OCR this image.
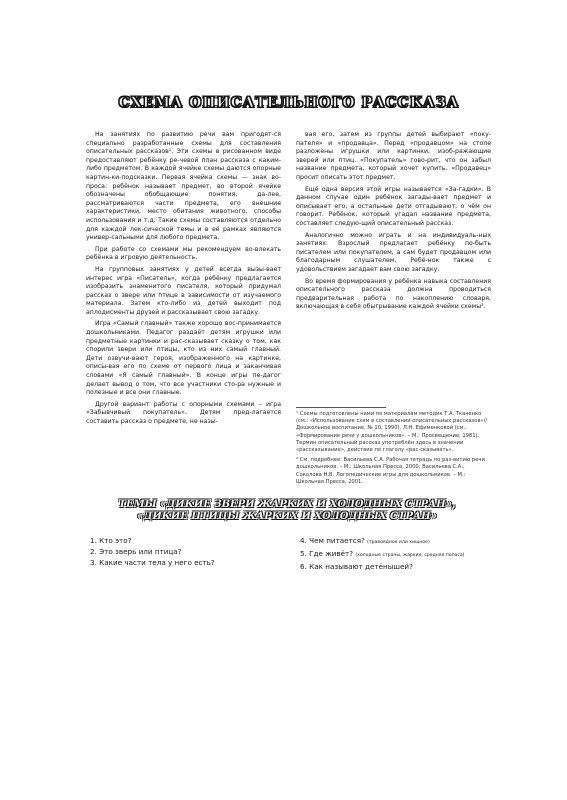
СХЕМА ОПИСАТЕЛЬНОГО РАССКАЗА

На занятиях по развитию речи вам пригодят-ся специально разработанные схемы для составления описательных рассказов¹. Эти схемы в рисованном виде предоставляют ребёнку ре-чевой план рассказа с каким-либо предметом. В каждой ячейке схемы даются опорные картин-ки-подсказки. Первая ячейка схемы — знак во-проса: ребёнок называет предмет, во второй ячейке обозначены обобщающие понятия, да-лее, рассматриваются части предмета, его внешние характеристики, место обитания животного, способы использования и т.д. Такие схемы составляются отдельно для каждой лек-сической темы и в её рамках являются универ-сальными для любого предмета.

При работе со схемами мы рекомендуем во-влекать ребёнка в игровую деятельность.

На групповых занятиях у детей всегда вызы-вает интерес игра «Писатель», когда ребёнку предлагается изобразить знаменитого писателя, который придумал рассказ о звере или птице в зависимости от изучаемого материала. Затем кто-либо из детей выходит под аплодисменты друзей и рассказывает свою загадку.

Игра «Самый главный» также хорошо вос-принимается дошкольниками. Педагог раздаёт детям игрушки или предметные картинки и рас-сказывает сказку о том, как спорили звери или птицы, кто из них самый главный. Дети озвучи-вают героя, изображенного на картинке, описы-вая его по схеме от первого лица и заканчивая словами «Я самый главный». В конце игры пе-дагог делает вывод о том, что все участники сто-ра нужные и полезные и все они главные.

Другой вариант работы с опорными схемами – игра «Забывчивый покупатель». Детям пред-лагается составить рассказ о предмете, не назы-

вая его, затем из группы детей выбирают «поку-пателя» и «продавца». Перед «продавцом» на столе разложены игрушки или картинки, изоб-ражающие зверей или птиц. «Покупатель» гово-рит, что он забыл название предмета, который хочет купить. «Продавец» просит описать этот предмет.

Ещё одна версия этой игры называется «За-гадки». В данном случае один ребёнок загады-вает предмет и описывает его, а остальные дети отгадывают, о чём он говорит. Ребёнок, который угадал название предмета, составляет следую-щий описательный рассказ.

Аналогично можно играть и на индивидуаль-ных занятиях. Взрослый предлагает ребёнку по-быть писателем или покупателем, а сам будет продавцом или благодарным слушателем. Ребё-нок также с удовольствием загадает вам свою загадку.

Во время формирования у ребёнка навыка составления описательного рассказа должна проводиться предварительная работа по накоплению словаря, включающая в себя обыгрывание каждой ячейки схемы².

¹ Схемы подготовлены нами по материалам методик Т.А. Ткаченко (см.: «Использование схем в составлении описательных рассказов»//Дошкольное воспитание, № 10, 1990), Л.Н. Ефименковой (см.: «Формирование речи у дошкольников». – М.: Просвещение, 1981). Термин описательный рассказ употреблён здесь в значении «рассказывание», действие по глаголу «рас-сказывать».

² См. подробнее: Васильева С.А. Рабочая тетрадь по раз-витию речи дошкольников. – М.: Школьная Пресса, 2000; Васильева С.А., Соколова Н.В. Логопедические игры для дошкольников. – М.: Школьная Пресса, 2001.

ТЕМЫ «ДИКИЕ ЗВЕРИ ЖАРКИХ И ХОЛОДНЫХ СТРАН»,
«ДИКИЕ ПТИЦЫ ЖАРКИХ И ХОЛОДНЫХ СТРАН»
1. Кто это?
2. Это зверь или птица?
3. Какие части тела у него есть?
4. Чем питается? (травоядное или хищное)
5. Где живёт? (холодные страны, жаркие, средняя полоса)
6. Как называют детёнышей?
